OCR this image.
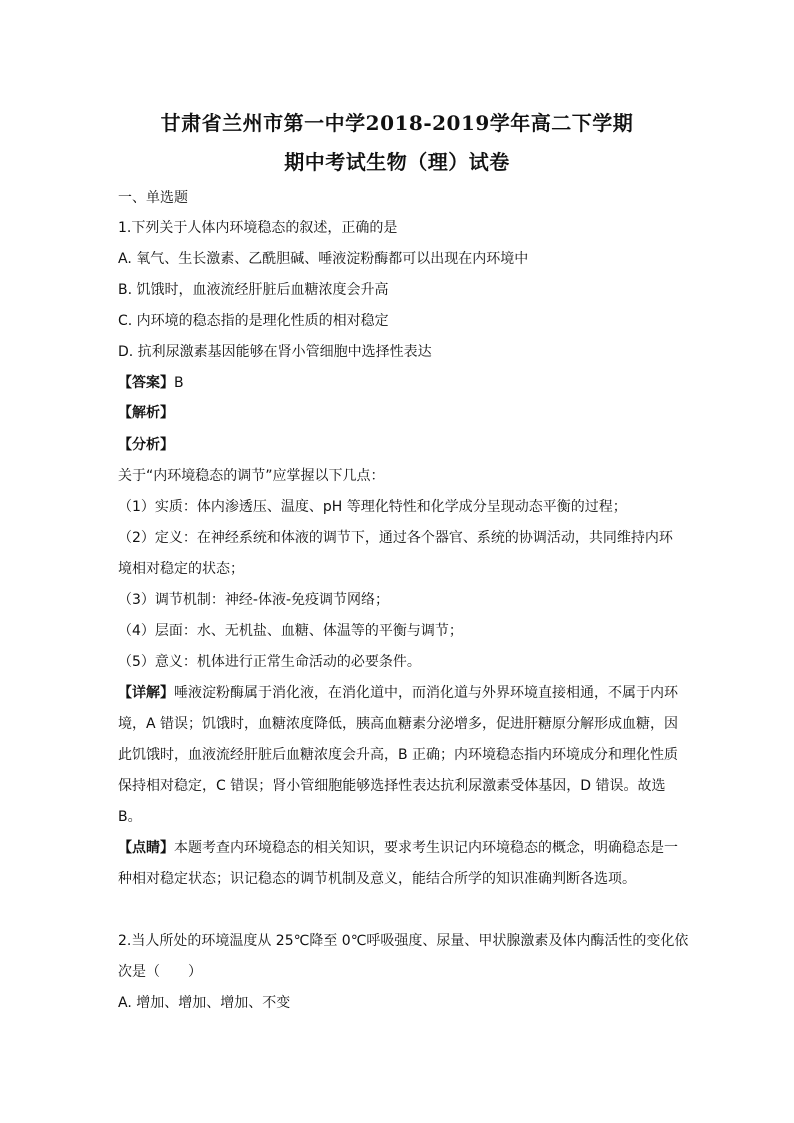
甘肃省兰州市第一中学2018-2019学年高二下学期
期中考试生物（理）试卷
一、单选题
1.下列关于人体内环境稳态的叙述，正确的是
A. 氧气、生长激素、乙酰胆碱、唾液淀粉酶都可以出现在内环境中
B. 饥饿时，血液流经肝脏后血糖浓度会升高
C. 内环境的稳态指的是理化性质的相对稳定
D. 抗利尿激素基因能够在肾小管细胞中选择性表达
【答案】B
【解析】
【分析】
关于“内环境稳态的调节”应掌握以下几点：
（1）实质：体内渗透压、温度、pH 等理化特性和化学成分呈现动态平衡的过程；
（2）定义：在神经系统和体液的调节下，通过各个器官、系统的协调活动，共同维持内环
境相对稳定的状态；
（3）调节机制：神经-体液-免疫调节网络；
（4）层面：水、无机盐、血糖、体温等的平衡与调节；
（5）意义：机体进行正常生命活动的必要条件。
【详解】唾液淀粉酶属于消化液，在消化道中，而消化道与外界环境直接相通，不属于内环
境，A 错误；饥饿时，血糖浓度降低，胰高血糖素分泌增多，促进肝糖原分解形成血糖，因
此饥饿时，血液流经肝脏后血糖浓度会升高，B 正确；内环境稳态指内环境成分和理化性质
保持相对稳定，C 错误；肾小管细胞能够选择性表达抗利尿激素受体基因，D 错误。故选
B。
【点睛】本题考查内环境稳态的相关知识，要求考生识记内环境稳态的概念，明确稳态是一
种相对稳定状态；识记稳态的调节机制及意义，能结合所学的知识准确判断各选项。
2.当人所处的环境温度从 25℃降至 0℃呼吸强度、尿量、甲状腺激素及体内酶活性的变化依
次是（　　）
A. 增加、增加、增加、不变
